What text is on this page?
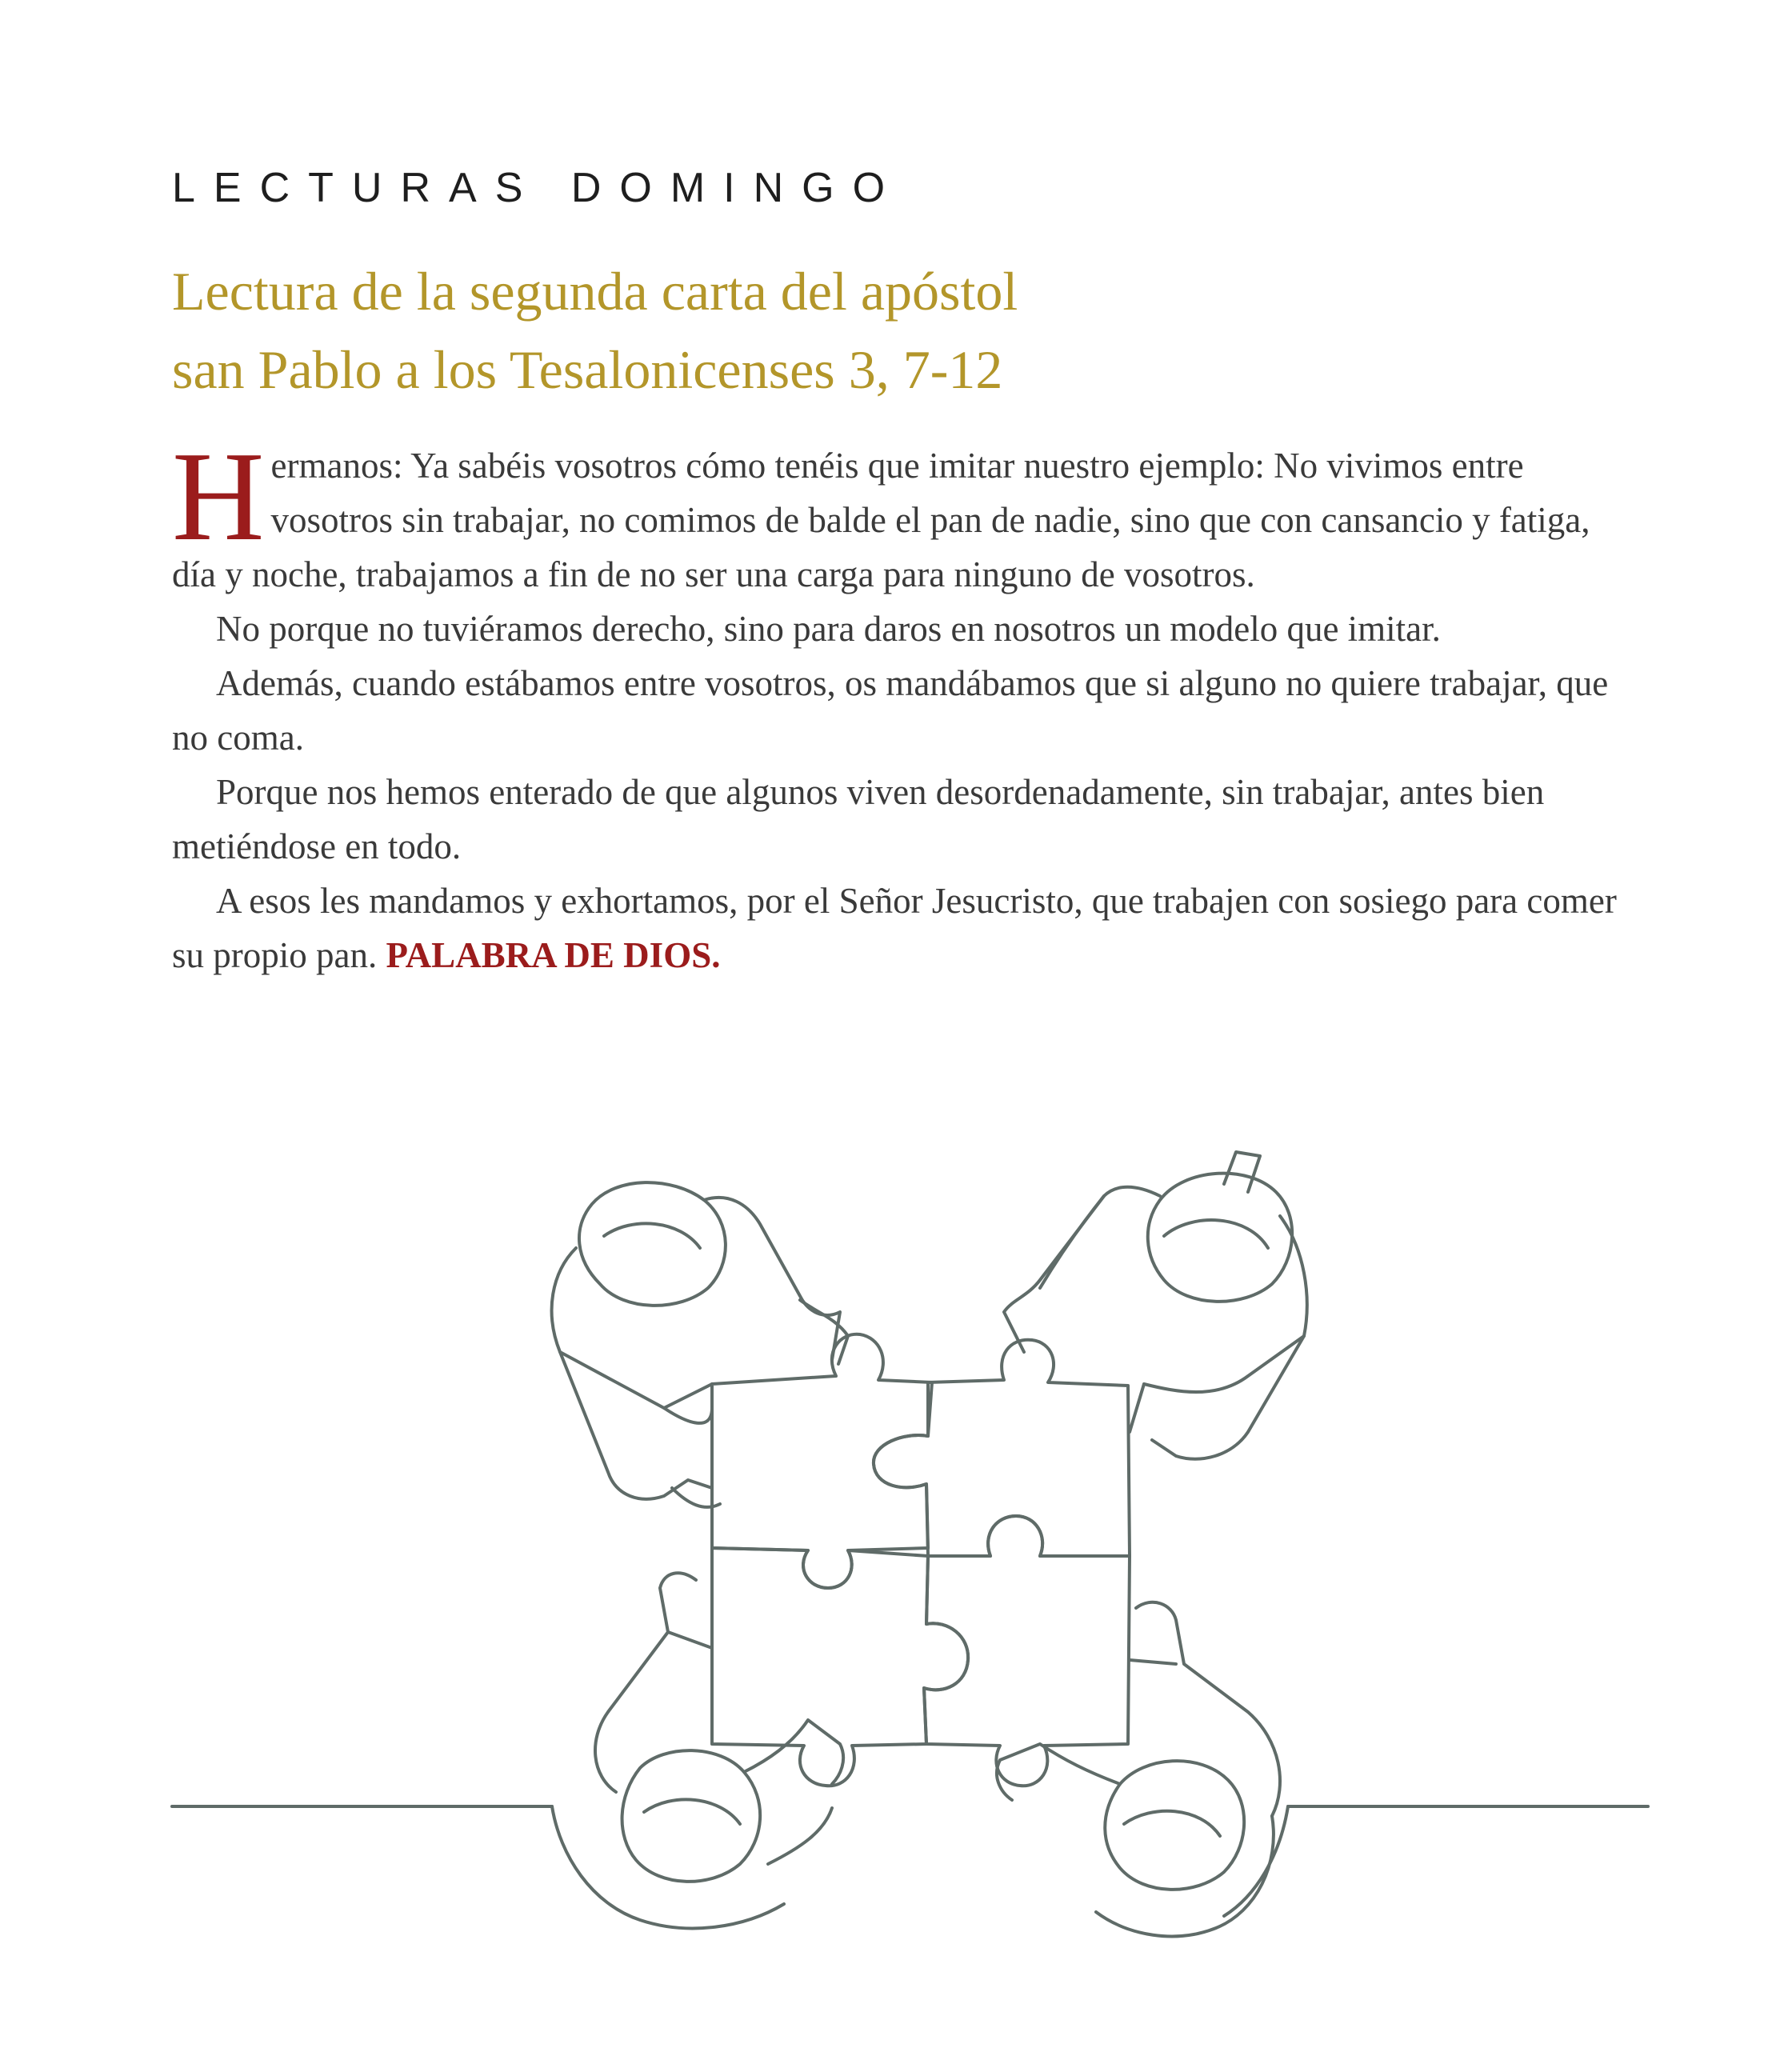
LECTURAS DOMINGO
Lectura de la segunda carta del apóstol
san Pablo a los Tesalonicenses 3, 7-12

Hermanos: Ya sabéis vosotros cómo tenéis que imitar nuestro ejemplo: No vivimos entre vosotros sin trabajar, no comimos de balde el pan de nadie, sino que con cansancio y fatiga, día y noche, trabajamos a fin de no ser una carga para ninguno de vosotros.

No porque no tuviéramos derecho, sino para daros en nosotros un modelo que imitar.

Además, cuando estábamos entre vosotros, os mandábamos que si alguno no quiere trabajar, que no coma.

Porque nos hemos enterado de que algunos viven desordenadamente, sin trabajar, antes bien metiéndose en todo.

A esos les mandamos y exhortamos, por el Señor Jesucristo, que trabajen con sosiego para comer su propio pan. PALABRA DE DIOS.
